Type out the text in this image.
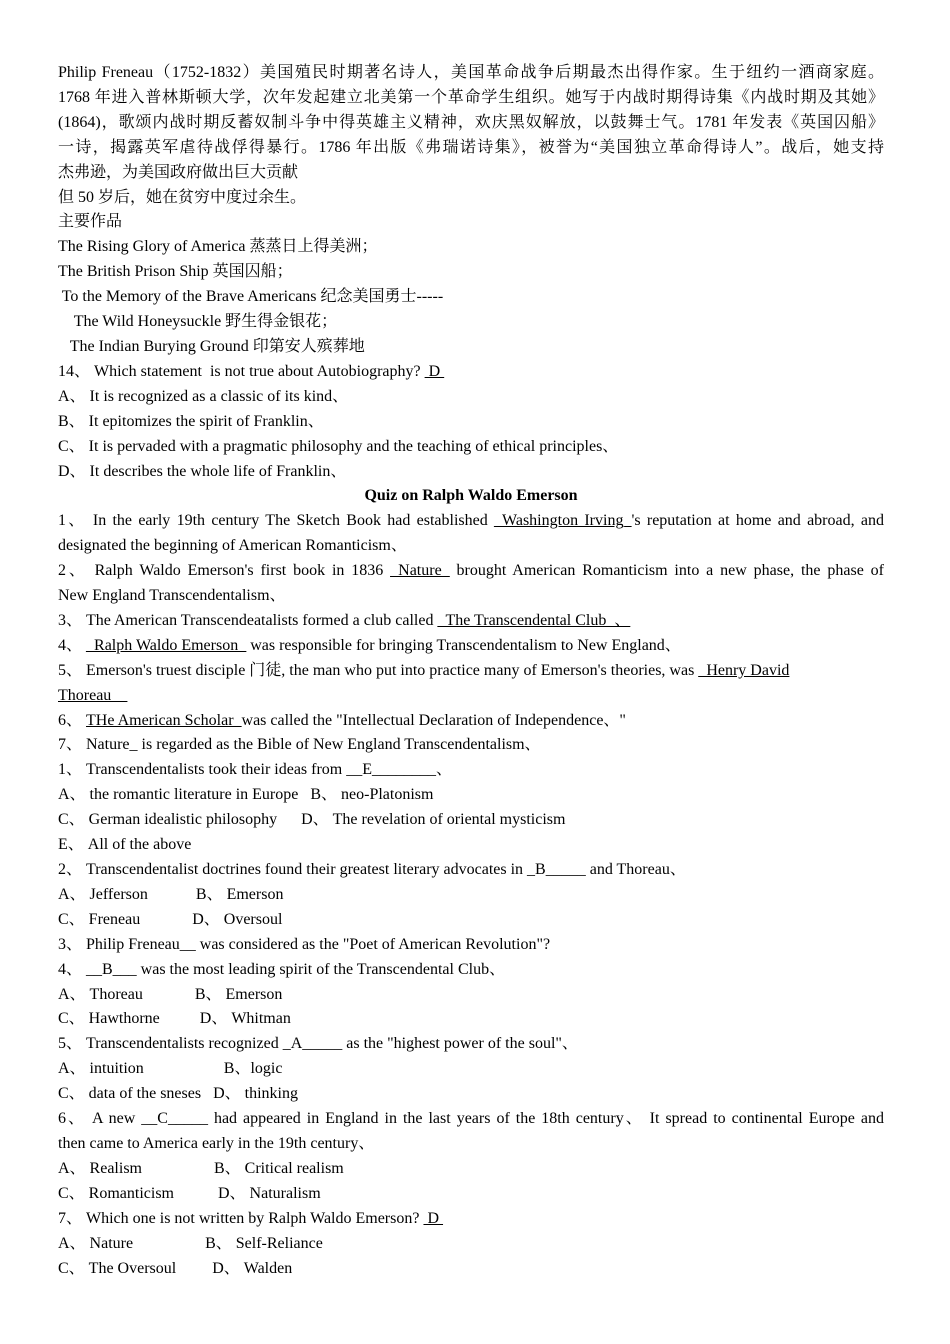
Philip Freneau（1752-1832）美国殖民时期著名诗人，美国革命战争后期最杰出得作家。生于纽约一酒商家庭。
1768 年进入普林斯顿大学，次年发起建立北美第一个革命学生组织。她写于内战时期得诗集《内战时期及其她》
(1864)，歌颂内战时期反蓄奴制斗争中得英雄主义精神，欢庆黑奴解放，以鼓舞士气。1781 年发表《英国囚船》
一诗，揭露英军虐待战俘得暴行。1786 年出版《弗瑞诺诗集》，被誉为“美国独立革命得诗人”。战后，她支持
杰弗逊，为美国政府做出巨大贡献
但 50 岁后，她在贫穷中度过余生。
主要作品
The Rising Glory of America 蒸蒸日上得美洲；
The British Prison Ship 英国囚船；
To the Memory of the Brave Americans 纪念美国勇士-----
The Wild Honeysuckle 野生得金银花；
The Indian Burying Ground 印第安人殡葬地
14、 Which statement  is not true about Autobiography?  D
A、 It is recognized as a classic of its kind、
B、 It epitomizes the spirit of Franklin、
C、 It is pervaded with a pragmatic philosophy and the teaching of ethical principles、
D、 It describes the whole life of Franklin、
Quiz on Ralph Waldo Emerson
1、 In the early 19th century The Sketch Book had established _Washington Irving_'s reputation at home and abroad, and
designated the beginning of American Romanticism、
2、 Ralph Waldo Emerson's first book in 1836 _Nature_ brought American Romanticism into a new phase, the phase of
New England Transcendentalism、
3、 The American Transcendeatalists formed a club called _The Transcendental Club_、
4、 _Ralph Waldo Emerson_ was responsible for bringing Transcendentalism to New England、
5、 Emerson's truest disciple 门徒, the man who put into practice many of Emerson's theories, was _Henry David
Thoreau__
6、 THe American Scholar_was called the "Intellectual Declaration of Independence、"
7、 Nature_ is regarded as the Bible of New England Transcendentalism、
1、 Transcendentalists took their ideas from __E________、
A、 the romantic literature in Europe   B、 neo-Platonism
C、 German idealistic philosophy      D、 The revelation of oriental mysticism
E、 All of the above
2、 Transcendentalist doctrines found their greatest literary advocates in _B_____ and Thoreau、
A、 Jefferson            B、 Emerson
C、 Freneau             D、 Oversoul
3、 Philip Freneau__ was considered as the "Poet of American Revolution"?
4、 __B___ was the most leading spirit of the Transcendental Club、
A、 Thoreau             B、 Emerson
C、 Hawthorne          D、 Whitman
5、 Transcendentalists recognized _A_____ as the "highest power of the soul"、
A、 intuition                    B、logic
C、 data of the sneses   D、 thinking
6、 A new __C_____ had appeared in England in the last years of the 18th century、 It spread to continental Europe and
then came to America early in the 19th century、
A、 Realism                  B、 Critical realism
C、 Romanticism           D、 Naturalism
7、 Which one is not written by Ralph Waldo Emerson?  D
A、 Nature                  B、 Self-Reliance
C、 The Oversoul         D、 Walden
